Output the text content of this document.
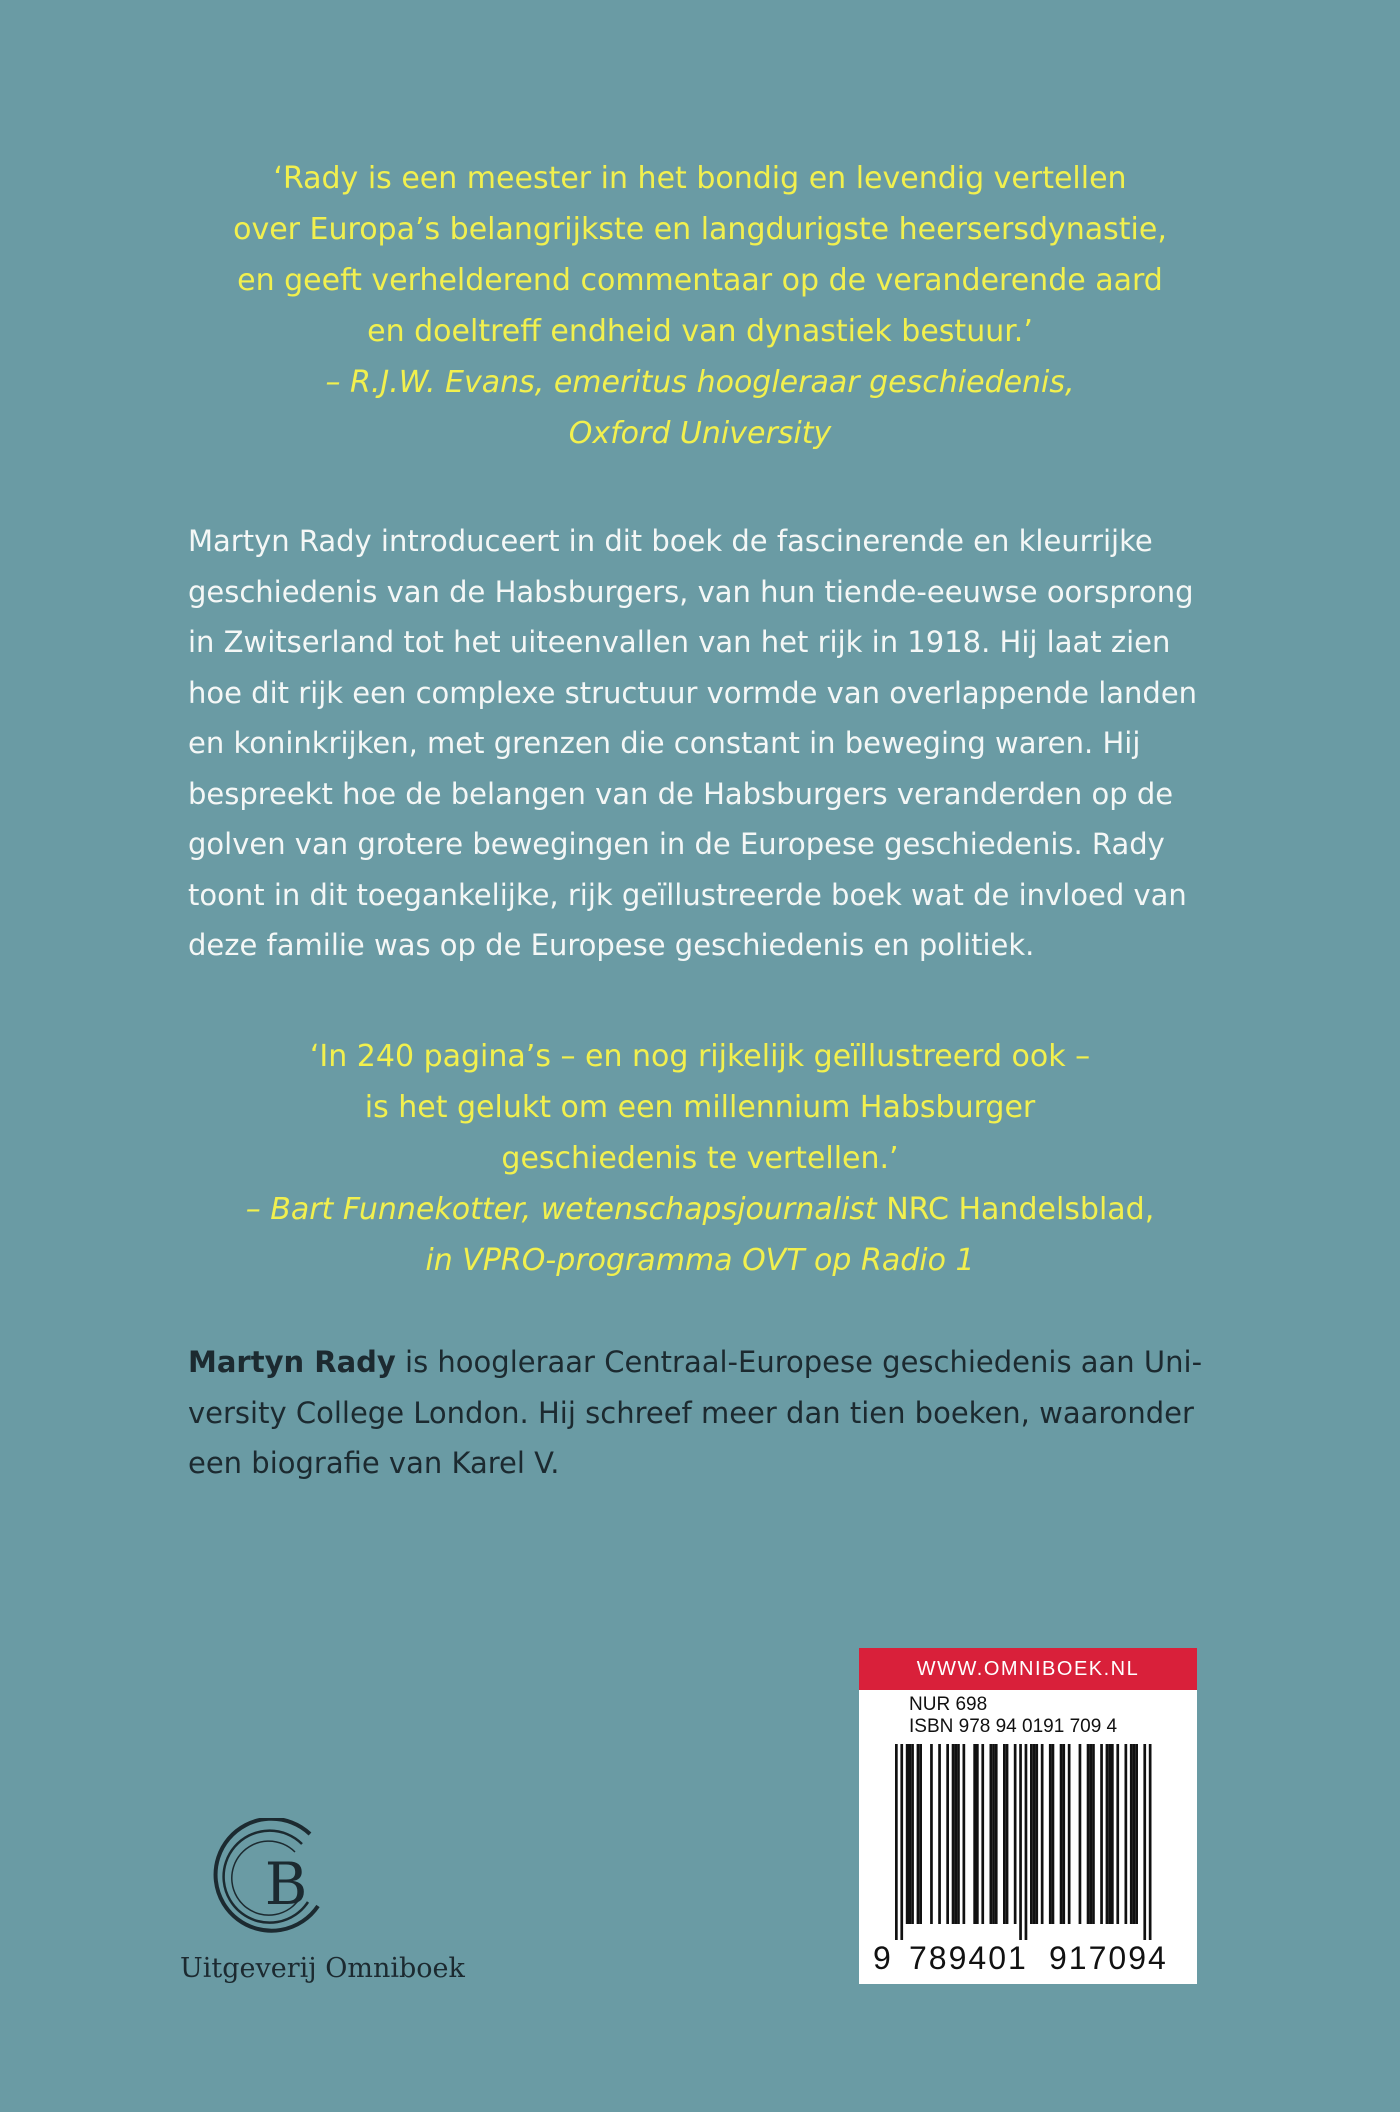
‘Rady is een meester in het bondig en levendig vertellen
over Europa’s belangrijkste en langdurigste heersersdynastie,
en geeft verhelderend commentaar op de veranderende aard
en doeltreff endheid van dynastiek bestuur.’
– R.J.W. Evans, emeritus hoogleraar geschiedenis,
Oxford University
Martyn Rady introduceert in dit boek de fascinerende en kleurrijke
geschiedenis van de Habsburgers, van hun tiende-eeuwse oorsprong
in Zwitserland tot het uiteenvallen van het rijk in 1918. Hij laat zien
hoe dit rijk een complexe structuur vormde van overlappende landen
en koninkrijken, met grenzen die constant in beweging waren. Hij
bespreekt hoe de belangen van de Habsburgers veranderden op de
golven van grotere bewegingen in de Europese geschiedenis. Rady
toont in dit toegankelijke, rijk geïllustreerde boek wat de invloed van
deze familie was op de Europese geschiedenis en politiek.
‘In 240 pagina’s – en nog rijkelijk geïllustreerd ook –
is het gelukt om een millennium Habsburger
geschiedenis te vertellen.’
– Bart Funnekotter, wetenschapsjournalist NRC Handelsblad,
in VPRO-programma OVT op Radio 1
Martyn Rady is hoogleraar Centraal-Europese geschiedenis aan Uni-
versity College London. Hij schreef meer dan tien boeken, waaronder
een biografie van Karel V.
B
Uitgeverij Omniboek
WWW.OMNIBOEK.NL
NUR 698
ISBN 978 94 0191 709 4
9 789401 917094
